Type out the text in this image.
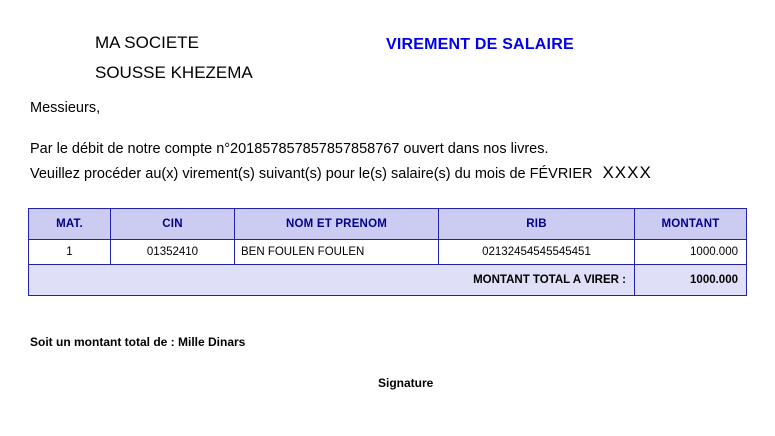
MA SOCIETE
SOUSSE KHEZEMA
VIREMENT DE SALAIRE
Messieurs,
Par le débit de notre compte n°201857857857857858767 ouvert dans nos livres.
Veuillez procéder au(x) virement(s) suivant(s) pour le(s) salaire(s) du mois de FÉVRIER XXXX
MAT.	CIN	NOM ET PRENOM	RIB	MONTANT
1	01352410	BEN FOULEN FOULEN	02132454545545451	1000.000
MONTANT TOTAL A VIRER :				1000.000
Soit un montant total de : Mille Dinars
Signature
